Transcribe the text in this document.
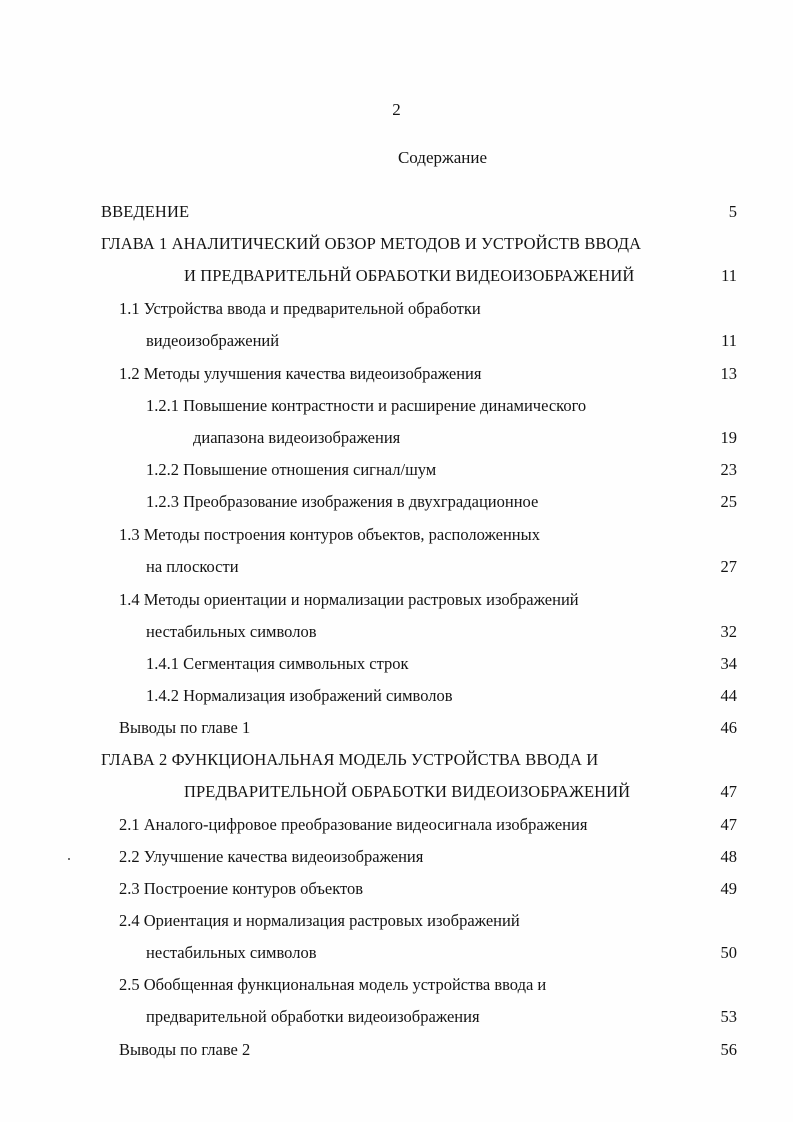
2
Содержание
ВВЕДЕНИЕ	5
ГЛАВА 1 АНАЛИТИЧЕСКИЙ ОБЗОР МЕТОДОВ И УСТРОЙСТВ ВВОДА
И ПРЕДВАРИТЕЛЬНЙ ОБРАБОТКИ ВИДЕОИЗОБРАЖЕНИЙ	11
1.1 Устройства ввода и предварительной обработки
видеоизображений	11
1.2 Методы улучшения качества видеоизображения	13
1.2.1 Повышение контрастности и расширение динамического
диапазона видеоизображения	19
1.2.2 Повышение отношения сигнал/шум	23
1.2.3 Преобразование изображения в двухградационное	25
1.3 Методы построения контуров объектов, расположенных
на плоскости	27
1.4 Методы ориентации и нормализации растровых изображений
нестабильных символов	32
1.4.1 Сегментация символьных строк	34
1.4.2 Нормализация изображений символов	44
Выводы по главе 1	46
ГЛАВА 2 ФУНКЦИОНАЛЬНАЯ МОДЕЛЬ УСТРОЙСТВА ВВОДА И
ПРЕДВАРИТЕЛЬНОЙ ОБРАБОТКИ ВИДЕОИЗОБРАЖЕНИЙ	47
2.1 Аналого-цифровое преобразование видеосигнала изображения	47
2.2 Улучшение качества видеоизображения	48
2.3 Построение контуров объектов	49
2.4 Ориентация и нормализация растровых изображений
нестабильных символов	50
2.5 Обобщенная функциональная модель устройства ввода и
предварительной обработки видеоизображения	53
Выводы по главе 2	56
